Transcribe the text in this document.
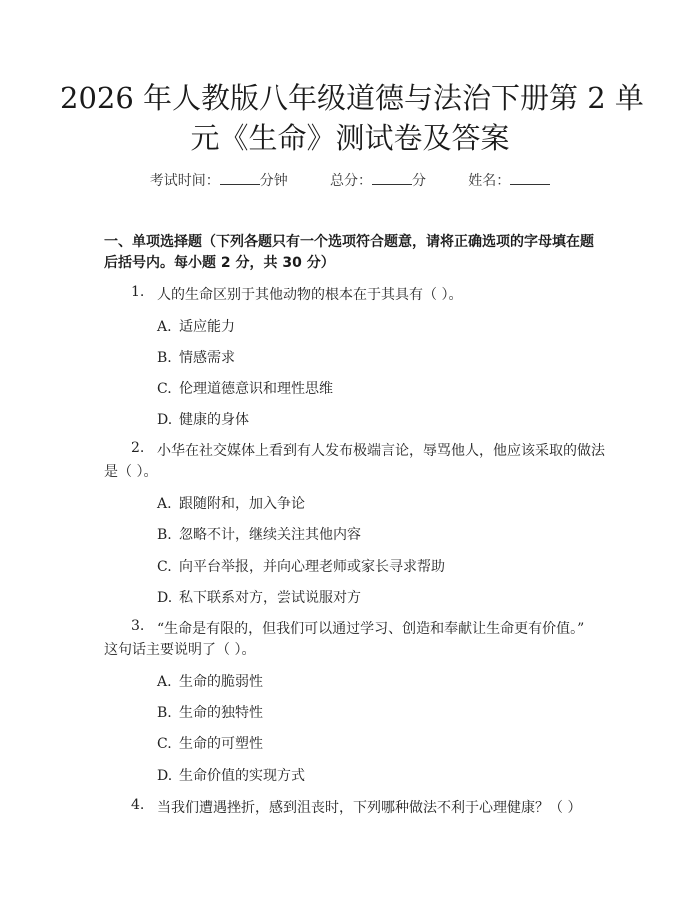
2026 年人教版八年级道德与法治下册第 2 单
元《生命》测试卷及答案
考试时间：	分钟	总分：	分	姓名：
一、单项选择题（下列各题只有一个选项符合题意，请将正确选项的字母填在题
后括号内。每小题 2 分，共 30 分）
1. 人的生命区别于其他动物的根本在于其具有（ ）。
A. 适应能力
B. 情感需求
C. 伦理道德意识和理性思维
D. 健康的身体
2. 小华在社交媒体上看到有人发布极端言论，辱骂他人，他应该采取的做法
是（ ）。
A. 跟随附和，加入争论
B. 忽略不计，继续关注其他内容
C. 向平台举报，并向心理老师或家长寻求帮助
D. 私下联系对方，尝试说服对方
3. “生命是有限的，但我们可以通过学习、创造和奉献让生命更有价值。”
这句话主要说明了（ ）。
A. 生命的脆弱性
B. 生命的独特性
C. 生命的可塑性
D. 生命价值的实现方式
4. 当我们遭遇挫折，感到沮丧时，下列哪种做法不利于心理健康？（ ）
